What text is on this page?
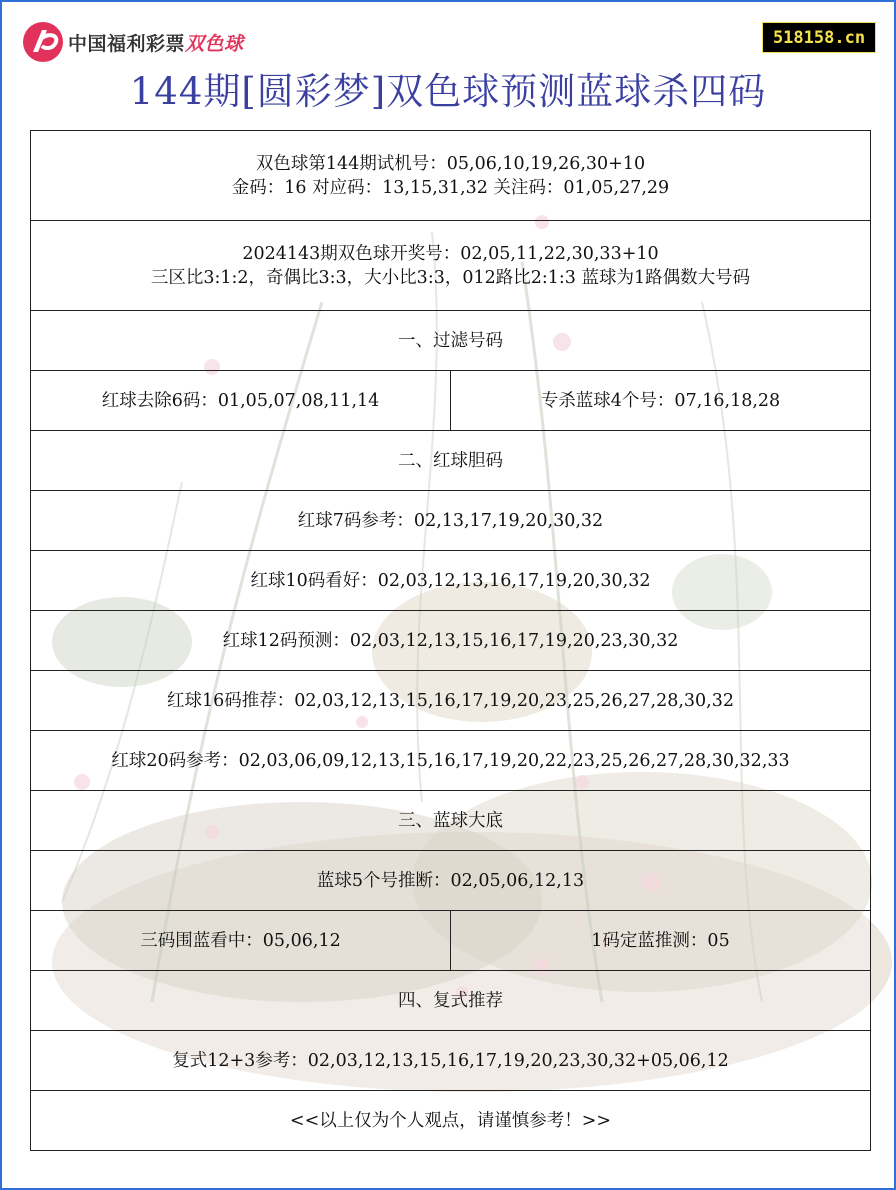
中国福利彩票双色球	518158.cn
144期[圆彩梦]双色球预测蓝球杀四码
双色球第144期试机号：05,06,10,19,26,30+10
金码：16 对应码：13,15,31,32 关注码：01,05,27,29
2024143期双色球开奖号：02,05,11,22,30,33+10
三区比3:1:2，奇偶比3:3，大小比3:3，012路比2:1:3 蓝球为1路偶数大号码
一、过滤号码
红球去除6码：01,05,07,08,11,14	专杀蓝球4个号：07,16,18,28
二、红球胆码
红球7码参考：02,13,17,19,20,30,32
红球10码看好：02,03,12,13,16,17,19,20,30,32
红球12码预测：02,03,12,13,15,16,17,19,20,23,30,32
红球16码推荐：02,03,12,13,15,16,17,19,20,23,25,26,27,28,30,32
红球20码参考：02,03,06,09,12,13,15,16,17,19,20,22,23,25,26,27,28,30,32,33
三、蓝球大底
蓝球5个号推断：02,05,06,12,13
三码围蓝看中：05,06,12	1码定蓝推测：05
四、复式推荐
复式12+3参考：02,03,12,13,15,16,17,19,20,23,30,32+05,06,12
<<以上仅为个人观点，请谨慎参考！>>
